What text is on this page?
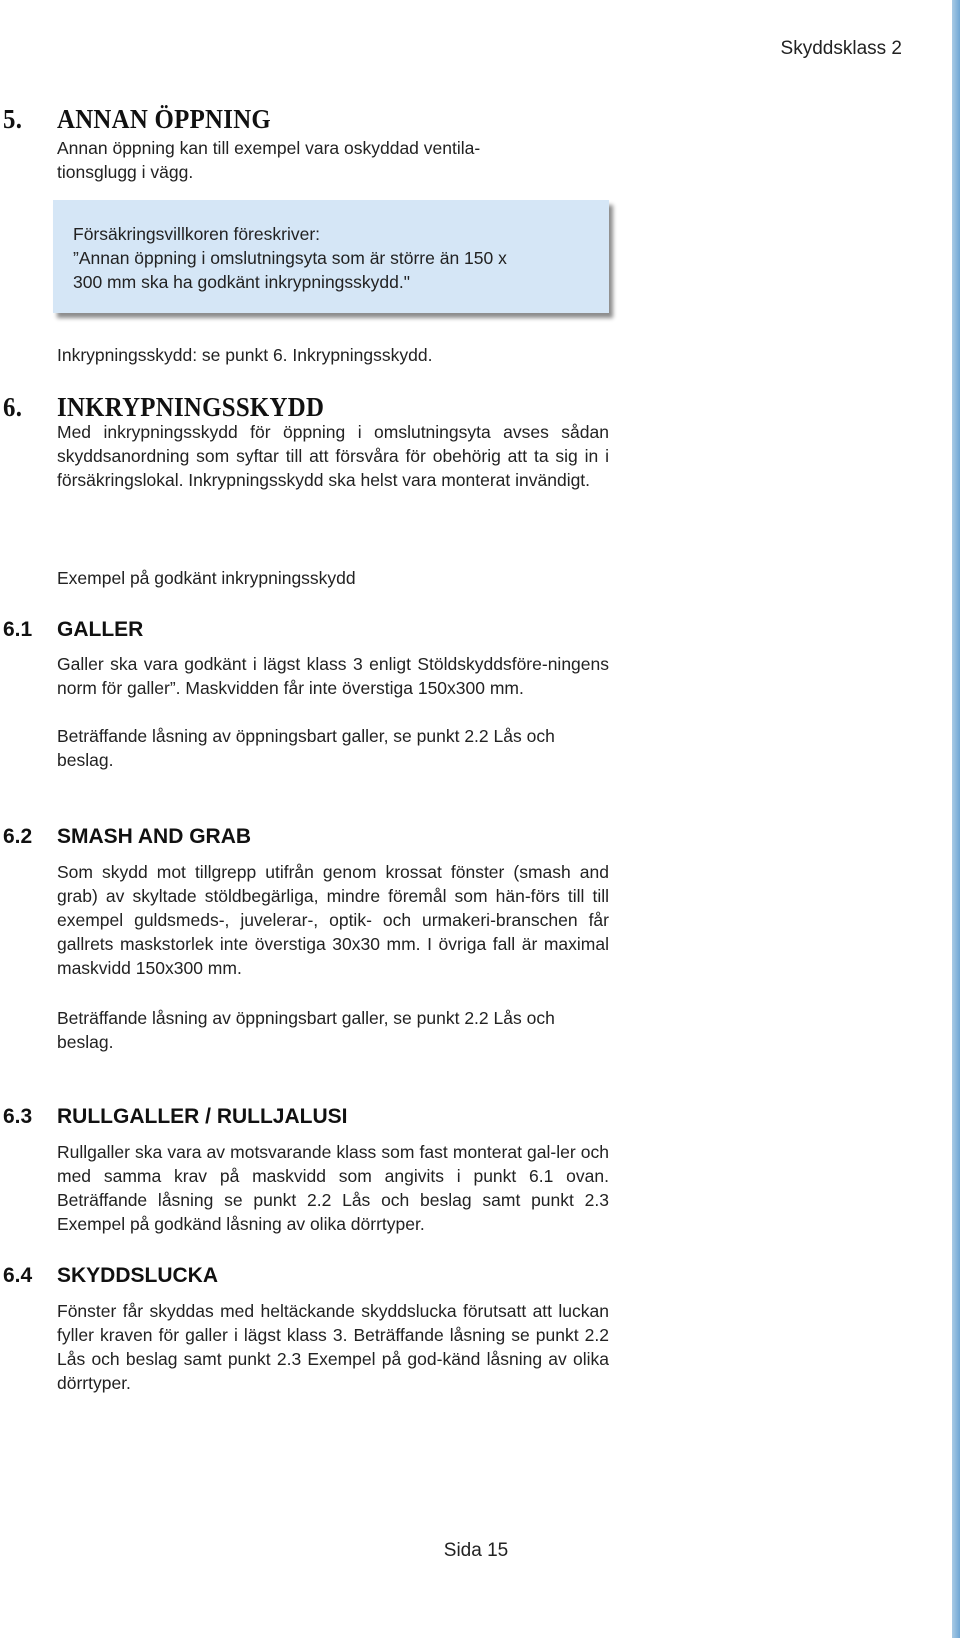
Skyddsklass 2
5. ANNAN ÖPPNING

Annan öppning kan till exempel vara oskyddad ventila-tionsglugg i vägg.

Försäkringsvillkoren föreskriver:
”Annan öppning i omslutningsyta som är större än 150 x
300 mm ska ha godkänt inkrypningsskydd."

Inkrypningsskydd: se punkt 6. Inkrypningsskydd.

6. INKRYPNINGSSKYDD

Med inkrypningsskydd för öppning i omslutningsyta avses sådan skyddsanordning som syftar till att försvåra för obehörig att ta sig in i försäkringslokal. Inkrypningsskydd ska helst vara monterat invändigt.

Exempel på godkänt inkrypningsskydd

6.1 GALLER

Galler ska vara godkänt i lägst klass 3 enligt Stöldskyddsföre-ningens norm för galler”. Maskvidden får inte överstiga 150x300 mm.

Beträffande låsning av öppningsbart galler, se punkt 2.2 Lås och beslag.

6.2 SMASH AND GRAB

Som skydd mot tillgrepp utifrån genom krossat fönster (smash and grab) av skyltade stöldbegärliga, mindre föremål som hän-förs till till exempel guldsmeds-, juvelerar-, optik- och urmakeri-branschen får gallrets maskstorlek inte överstiga 30x30 mm. I övriga fall är maximal maskvidd 150x300 mm.

Beträffande låsning av öppningsbart galler, se punkt 2.2 Lås och beslag.

6.3 RULLGALLER / RULLJALUSI

Rullgaller ska vara av motsvarande klass som fast monterat gal-ler och med samma krav på maskvidd som angivits i punkt 6.1 ovan. Beträffande låsning se punkt 2.2 Lås och beslag samt punkt 2.3 Exempel på godkänd låsning av olika dörrtyper.

6.4 SKYDDSLUCKA

Fönster får skyddas med heltäckande skyddslucka förutsatt att luckan fyller kraven för galler i lägst klass 3. Beträffande låsning se punkt 2.2 Lås och beslag samt punkt 2.3 Exempel på god-känd låsning av olika dörrtyper.

Sida 15
